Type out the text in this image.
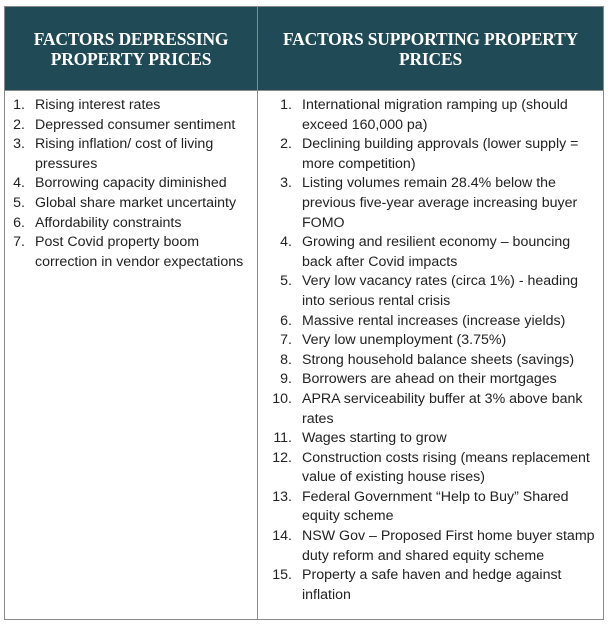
FACTORS DEPRESSING
PROPERTY PRICES
FACTORS SUPPORTING PROPERTY
PRICES
1. Rising interest rates
2. Depressed consumer sentiment
3. Rising inflation/ cost of living pressures
4. Borrowing capacity diminished
5. Global share market uncertainty
6. Affordability constraints
7. Post Covid property boom correction in vendor expectations
1. International migration ramping up (should exceed 160,000 pa)
2. Declining building approvals (lower supply = more competition)
3. Listing volumes remain 28.4% below the previous five-year average increasing buyer FOMO
4. Growing and resilient economy – bouncing back after Covid impacts
5. Very low vacancy rates (circa 1%) - heading into serious rental crisis
6. Massive rental increases (increase yields)
7. Very low unemployment (3.75%)
8. Strong household balance sheets (savings)
9. Borrowers are ahead on their mortgages
10. APRA serviceability buffer at 3% above bank rates
11. Wages starting to grow
12. Construction costs rising (means replacement value of existing house rises)
13. Federal Government “Help to Buy” Shared equity scheme
14. NSW Gov – Proposed First home buyer stamp duty reform and shared equity scheme
15. Property a safe haven and hedge against inflation
